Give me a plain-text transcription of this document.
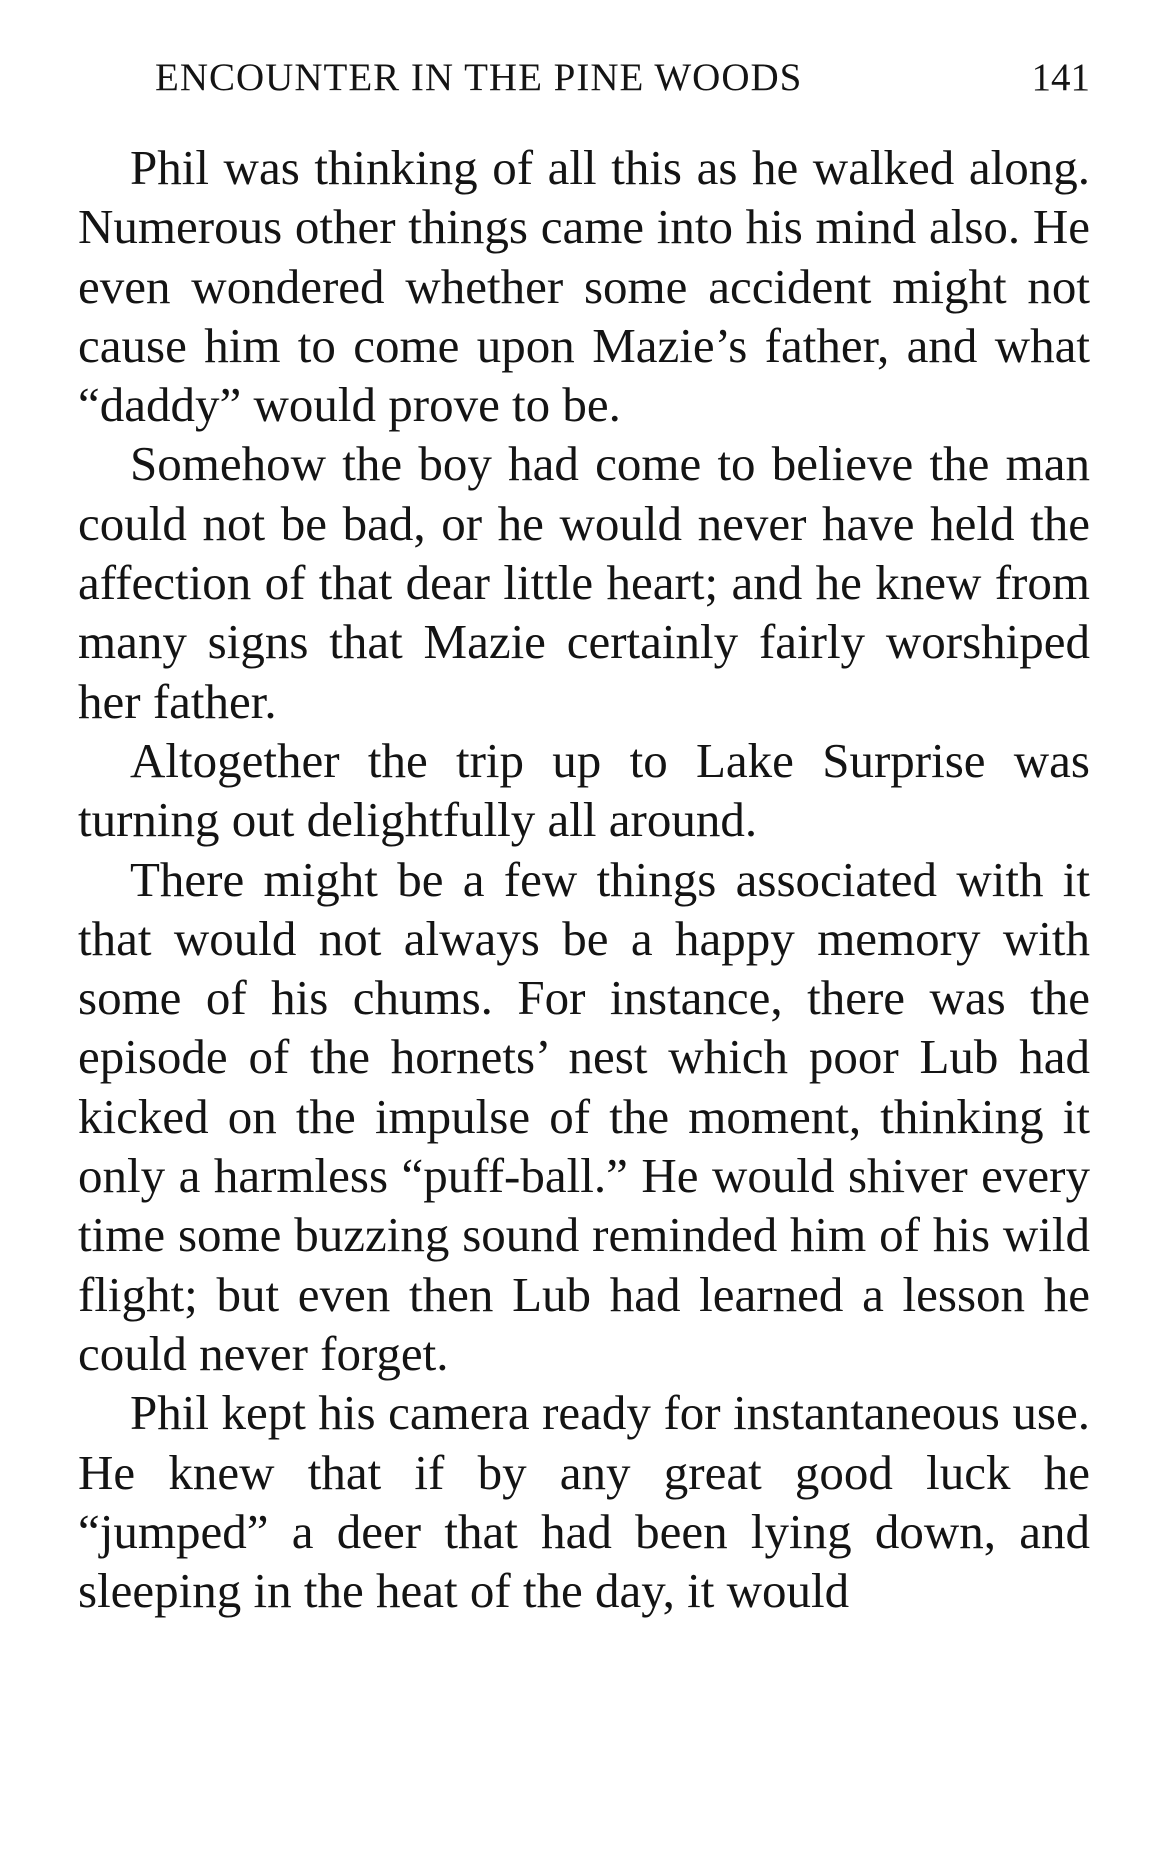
ENCOUNTER IN THE PINE WOODS	141

Phil was thinking of all this as he walked along. Numerous other things came into his mind also. He even wondered whether some accident might not cause him to come upon Mazie’s father, and what “daddy” would prove to be.

Somehow the boy had come to believe the man could not be bad, or he would never have held the affection of that dear little heart; and he knew from many signs that Mazie certainly fairly worshiped her father.

Altogether the trip up to Lake Surprise was turning out delightfully all around.

There might be a few things associated with it that would not always be a happy memory with some of his chums. For instance, there was the episode of the hornets’ nest which poor Lub had kicked on the impulse of the moment, thinking it only a harmless “puff-ball.” He would shiver every time some buzzing sound reminded him of his wild flight; but even then Lub had learned a lesson he could never forget.

Phil kept his camera ready for instantaneous use. He knew that if by any great good luck he “jumped” a deer that had been lying down, and sleeping in the heat of the day, it would
